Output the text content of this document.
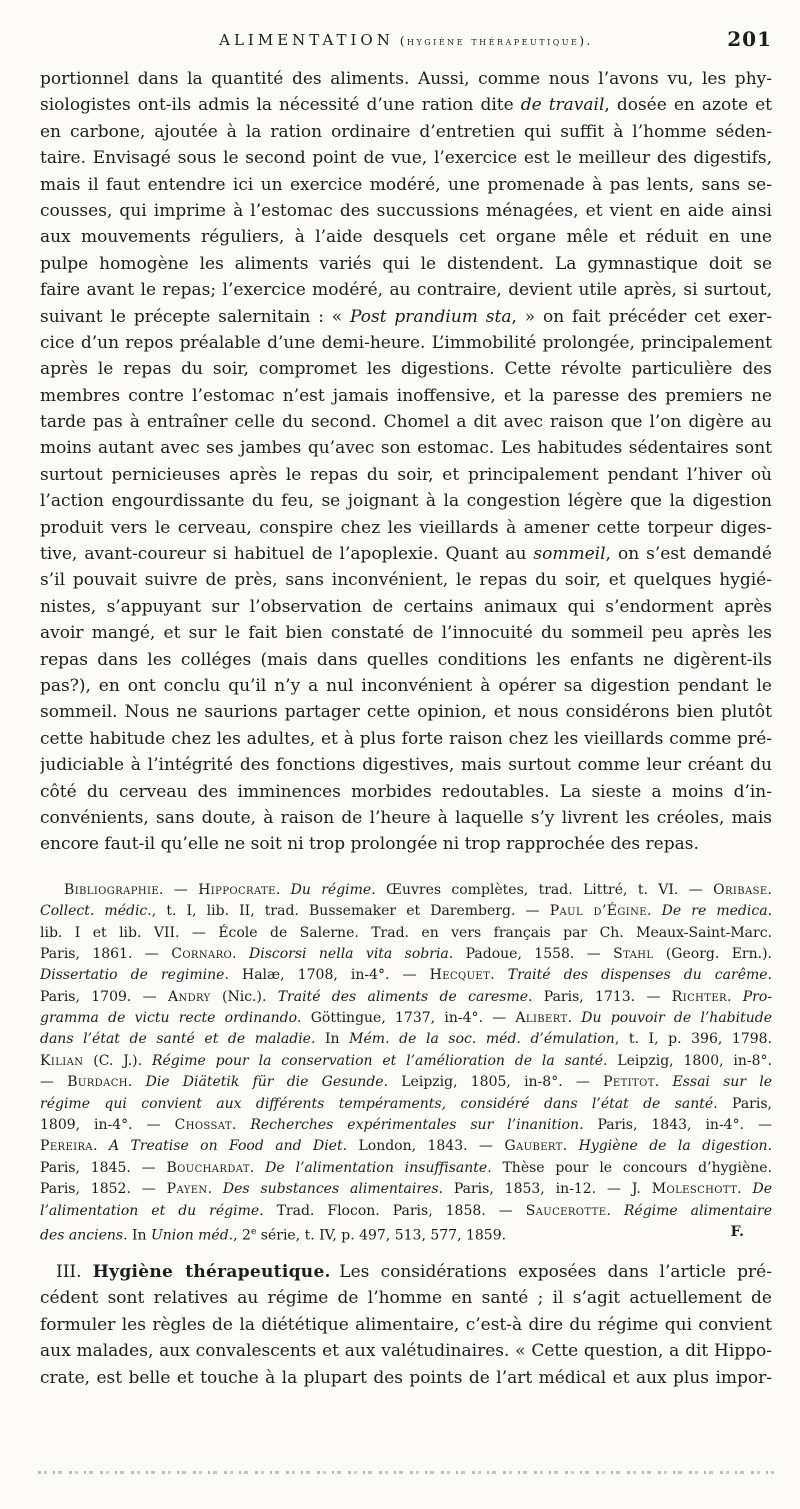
ALIMENTATION (hygiène thérapeutique).	201
portionnel dans la quantité des aliments. Aussi, comme nous l’avons vu, les phy-
siologistes ont-ils admis la nécessité d’une ration dite de travail, dosée en azote et
en carbone, ajoutée à la ration ordinaire d’entretien qui suffit à l’homme séden-
taire. Envisagé sous le second point de vue, l’exercice est le meilleur des digestifs,
mais il faut entendre ici un exercice modéré, une promenade à pas lents, sans se-
cousses, qui imprime à l’estomac des succussions ménagées, et vient en aide ainsi
aux mouvements réguliers, à l’aide desquels cet organe mêle et réduit en une
pulpe homogène les aliments variés qui le distendent. La gymnastique doit se
faire avant le repas; l’exercice modéré, au contraire, devient utile après, si surtout,
suivant le précepte salernitain : « Post prandium sta, » on fait précéder cet exer-
cice d’un repos préalable d’une demi-heure. L’immobilité prolongée, principalement
après le repas du soir, compromet les digestions. Cette révolte particulière des
membres contre l’estomac n’est jamais inoffensive, et la paresse des premiers ne
tarde pas à entraîner celle du second. Chomel a dit avec raison que l’on digère au
moins autant avec ses jambes qu’avec son estomac. Les habitudes sédentaires sont
surtout pernicieuses après le repas du soir, et principalement pendant l’hiver où
l’action engourdissante du feu, se joignant à la congestion légère que la digestion
produit vers le cerveau, conspire chez les vieillards à amener cette torpeur diges-
tive, avant-coureur si habituel de l’apoplexie. Quant au sommeil, on s’est demandé
s’il pouvait suivre de près, sans inconvénient, le repas du soir, et quelques hygié-
nistes, s’appuyant sur l’observation de certains animaux qui s’endorment après
avoir mangé, et sur le fait bien constaté de l’innocuité du sommeil peu après les
repas dans les colléges (mais dans quelles conditions les enfants ne digèrent-ils
pas?), en ont conclu qu’il n’y a nul inconvénient à opérer sa digestion pendant le
sommeil. Nous ne saurions partager cette opinion, et nous considérons bien plutôt
cette habitude chez les adultes, et à plus forte raison chez les vieillards comme pré-
judiciable à l’intégrité des fonctions digestives, mais surtout comme leur créant du
côté du cerveau des imminences morbides redoutables. La sieste a moins d’in-
convénients, sans doute, à raison de l’heure à laquelle s’y livrent les créoles, mais
encore faut-il qu’elle ne soit ni trop prolongée ni trop rapprochée des repas.
Bibliographie. — Hippocrate. Du régime. Œuvres complètes, trad. Littré, t. VI. — Oribase.
Collect. médic., t. I, lib. II, trad. Bussemaker et Daremberg. — Paul d’Égine. De re medica.
lib. I et lib. VII. — École de Salerne. Trad. en vers français par Ch. Meaux-Saint-Marc.
Paris, 1861. — Cornaro. Discorsi nella vita sobria. Padoue, 1558. — Stahl (Georg. Ern.).
Dissertatio de regimine. Halæ, 1708, in-4°. — Hecquet. Traité des dispenses du carême.
Paris, 1709. — Andry (Nic.). Traité des aliments de caresme. Paris, 1713. — Richter. Pro-
gramma de victu recte ordinando. Göttingue, 1737, in-4°. — Alibert. Du pouvoir de l’habitude
dans l’état de santé et de maladie. In Mém. de la soc. méd. d’émulation, t. I, p. 396, 1798.
Kilian (C. J.). Régime pour la conservation et l’amélioration de la santé. Leipzig, 1800, in-8°.
— Burdach. Die Diätetik für die Gesunde. Leipzig, 1805, in-8°. — Petitot. Essai sur le
régime qui convient aux différents tempéraments, considéré dans l’état de santé. Paris,
1809, in-4°. — Chossat. Recherches expérimentales sur l’inanition. Paris, 1843, in-4°. —
Pereira. A Treatise on Food and Diet. London, 1843. — Gaubert. Hygiène de la digestion.
Paris, 1845. — Bouchardat. De l’alimentation insuffisante. Thèse pour le concours d’hygiène.
Paris, 1852. — Payen. Des substances alimentaires. Paris, 1853, in-12. — J. Moleschott. De
l’alimentation et du régime. Trad. Flocon. Paris, 1858. — Saucerotte. Régime alimentaire
des anciens. In Union méd., 2e série, t. IV, p. 497, 513, 577, 1859.	F.
III. Hygiène thérapeutique. Les considérations exposées dans l’article pré-
cédent sont relatives au régime de l’homme en santé ; il s’agit actuellement de
formuler les règles de la diététique alimentaire, c’est-à dire du régime qui convient
aux malades, aux convalescents et aux valétudinaires. « Cette question, a dit Hippo-
crate, est belle et touche à la plupart des points de l’art médical et aux plus impor-
